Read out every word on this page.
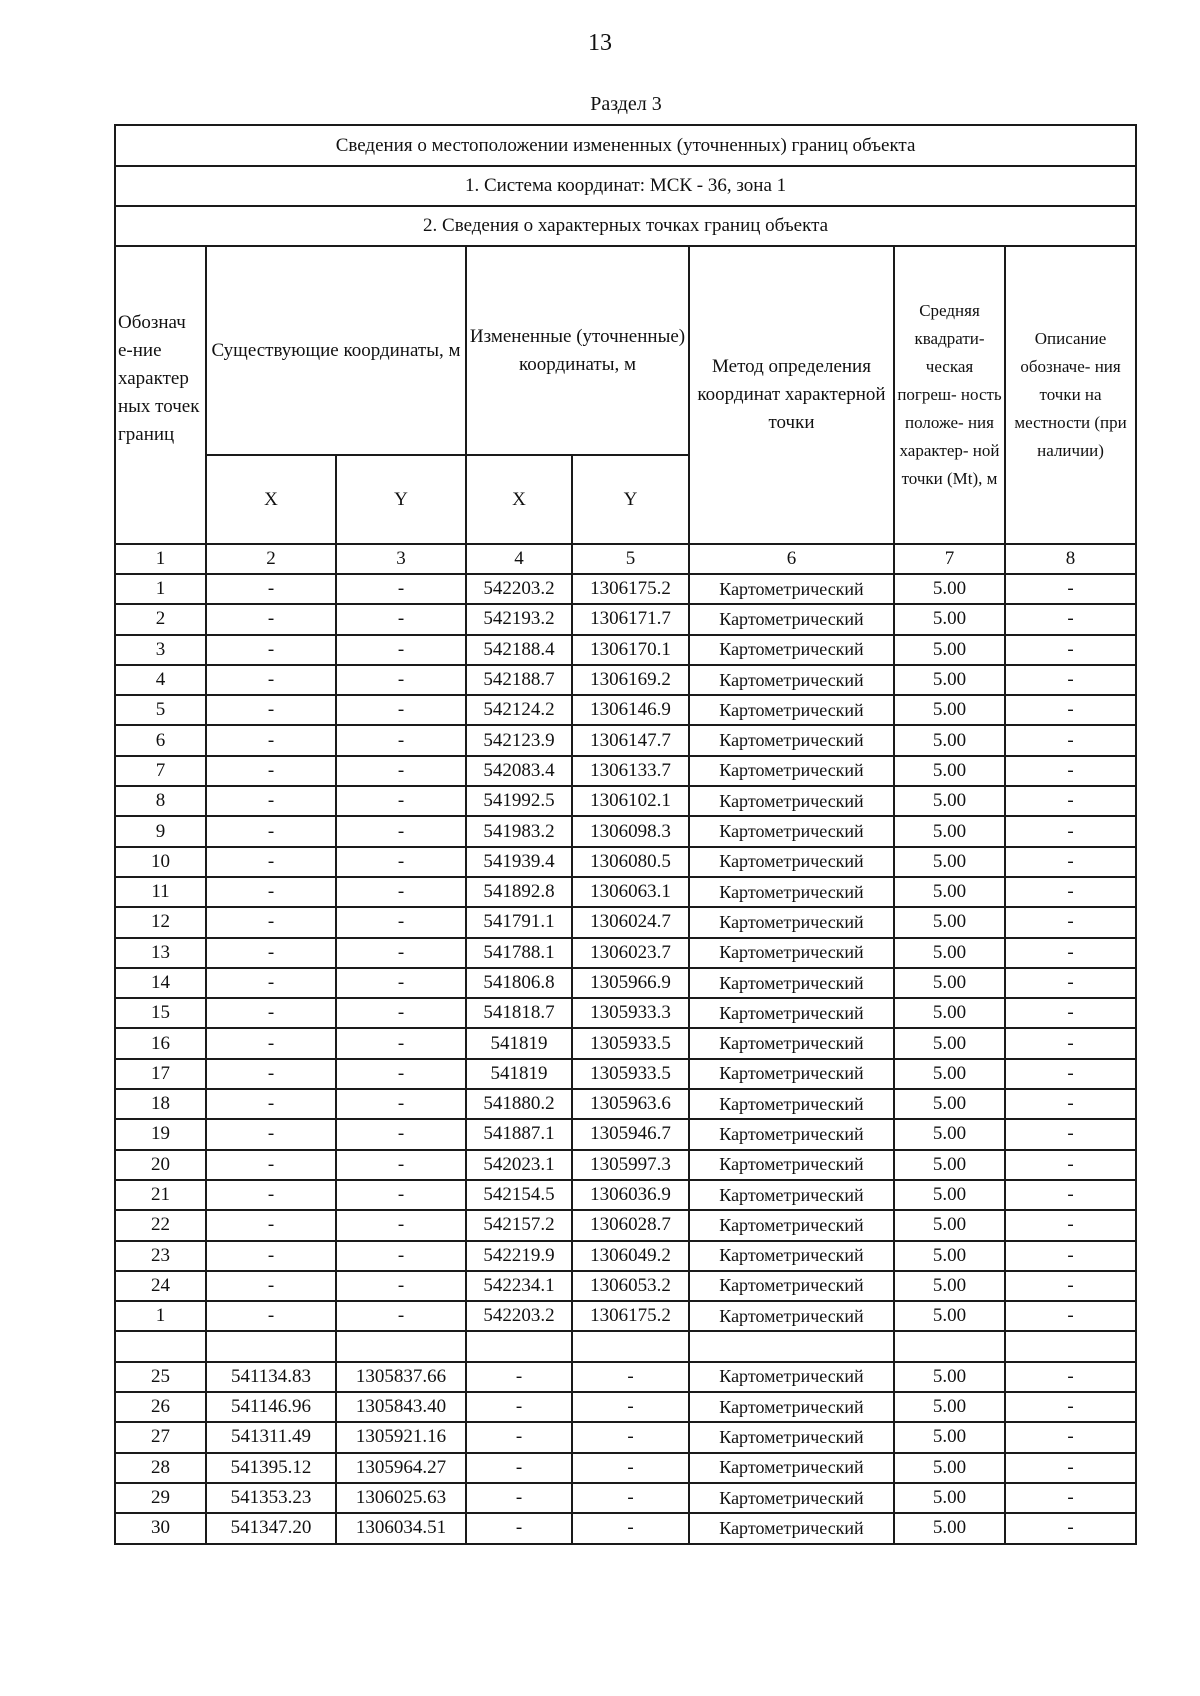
13
Раздел 3
Сведения о местоположении измененных (уточненных) границ объекта							
1. Система координат: МСК - 36, зона 1							
2. Сведения о характерных точках границ объекта							
Обознач е-ние характер ных точек границ	Существующие координаты, м		Измененные (уточненные) координаты, м		Метод определения координат характерной точки	Средняя квадрати- ческая погреш- ность положе- ния характер- ной точки (Mt), м	Описание обозначе- ния точки на местности (при наличии)
	X	Y	X	Y			
1	2	3	4	5	6	7	8
1	-	-	542203.2	1306175.2	Картометрический	5.00	-
2	-	-	542193.2	1306171.7	Картометрический	5.00	-
3	-	-	542188.4	1306170.1	Картометрический	5.00	-
4	-	-	542188.7	1306169.2	Картометрический	5.00	-
5	-	-	542124.2	1306146.9	Картометрический	5.00	-
6	-	-	542123.9	1306147.7	Картометрический	5.00	-
7	-	-	542083.4	1306133.7	Картометрический	5.00	-
8	-	-	541992.5	1306102.1	Картометрический	5.00	-
9	-	-	541983.2	1306098.3	Картометрический	5.00	-
10	-	-	541939.4	1306080.5	Картометрический	5.00	-
11	-	-	541892.8	1306063.1	Картометрический	5.00	-
12	-	-	541791.1	1306024.7	Картометрический	5.00	-
13	-	-	541788.1	1306023.7	Картометрический	5.00	-
14	-	-	541806.8	1305966.9	Картометрический	5.00	-
15	-	-	541818.7	1305933.3	Картометрический	5.00	-
16	-	-	541819	1305933.5	Картометрический	5.00	-
17	-	-	541819	1305933.5	Картометрический	5.00	-
18	-	-	541880.2	1305963.6	Картометрический	5.00	-
19	-	-	541887.1	1305946.7	Картометрический	5.00	-
20	-	-	542023.1	1305997.3	Картометрический	5.00	-
21	-	-	542154.5	1306036.9	Картометрический	5.00	-
22	-	-	542157.2	1306028.7	Картометрический	5.00	-
23	-	-	542219.9	1306049.2	Картометрический	5.00	-
24	-	-	542234.1	1306053.2	Картометрический	5.00	-
1	-	-	542203.2	1306175.2	Картометрический	5.00	-

25	541134.83	1305837.66	-	-	Картометрический	5.00	-
26	541146.96	1305843.40	-	-	Картометрический	5.00	-
27	541311.49	1305921.16	-	-	Картометрический	5.00	-
28	541395.12	1305964.27	-	-	Картометрический	5.00	-
29	541353.23	1306025.63	-	-	Картометрический	5.00	-
30	541347.20	1306034.51	-	-	Картометрический	5.00	-
